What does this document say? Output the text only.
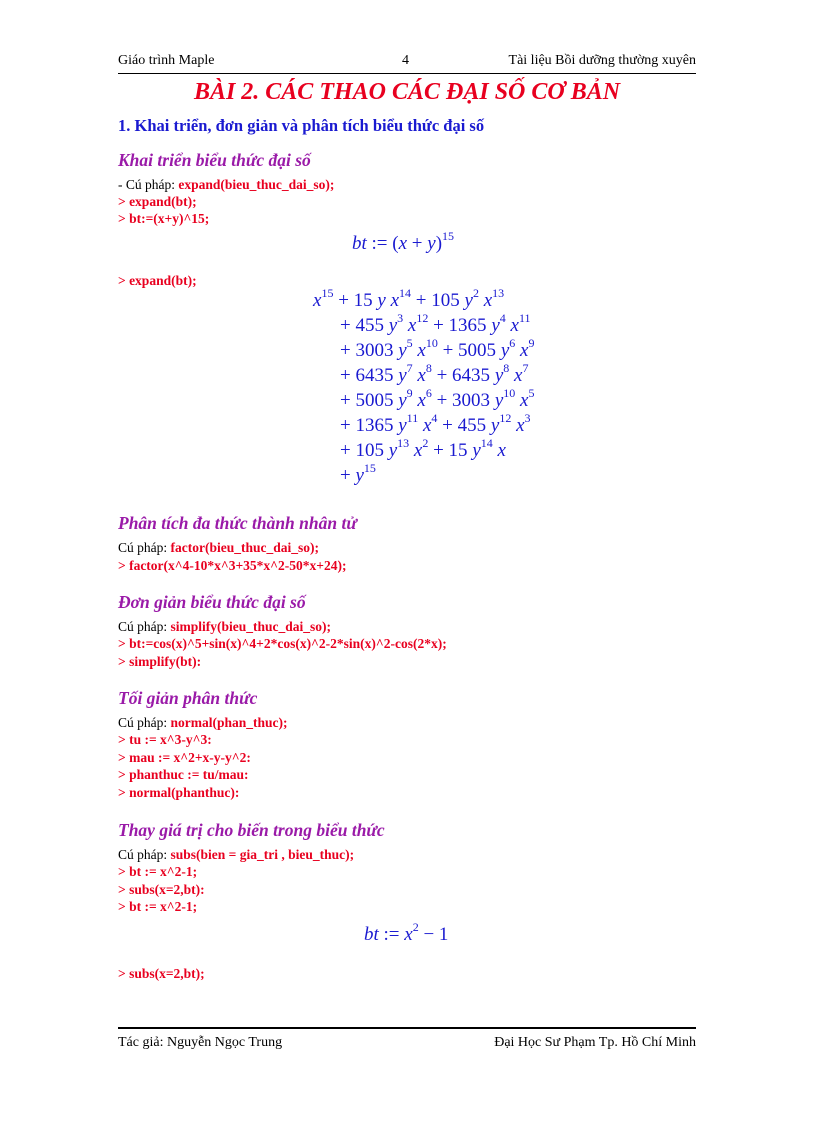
Giáo trình Maple	4	Tài liệu Bồi dưỡng thường xuyên
BÀI 2. CÁC THAO CÁC ĐẠI SỐ CƠ BẢN
1. Khai triển, đơn giản và phân tích biểu thức đại số
Khai triển biểu thức đại số
- Cú pháp: expand(bieu_thuc_dai_so);
> expand(bt);
> bt:=(x+y)^15;
bt := $(x + y)^{15}$
> expand(bt);
$x^{15} + 15$ y $x^{14} + 105$ $y^2$ $x^{13}$
+ 455 $y^3$ $x^{12} + 1365$ $y^4$ $x^{11}$
+ 3003 $y^5$ $x^{10} + 5005$ $y^6$ $x^9$
+ 6435 $y^7$ $x^8 + 6435$ $y^8$ $x^7$
+ 5005 $y^9$ $x^6 + 3003$ $y^{10}$ $x^5$
+ 1365 $y^{11}$ $x^4 + 455$ $y^{12}$ $x^3$
+ 105 $y^{13}$ $x^2 + 15$ $y^{14}$ x
+ $y^{15}$
Phân tích đa thức thành nhân tử
Cú pháp: factor(bieu_thuc_dai_so);
> factor(x^4-10*x^3+35*x^2-50*x+24);
Đơn giản biểu thức đại số
Cú pháp: simplify(bieu_thuc_dai_so);
> bt:=cos(x)^5+sin(x)^4+2*cos(x)^2-2*sin(x)^2-cos(2*x);
> simplify(bt):
Tối giản phân thức
Cú pháp: normal(phan_thuc);
> tu := x^3-y^3:
> mau := x^2+x-y-y^2:
> phanthuc := tu/mau:
> normal(phanthuc):
Thay giá trị cho biến trong biểu thức
Cú pháp: subs(bien = gia_tri , bieu_thuc);
> bt := x^2-1;
> subs(x=2,bt):
> bt := x^2-1;
bt := $x^2 - 1$
> subs(x=2,bt);
Tác giả: Nguyễn Ngọc Trung	Đại Học Sư Phạm Tp. Hồ Chí Minh
